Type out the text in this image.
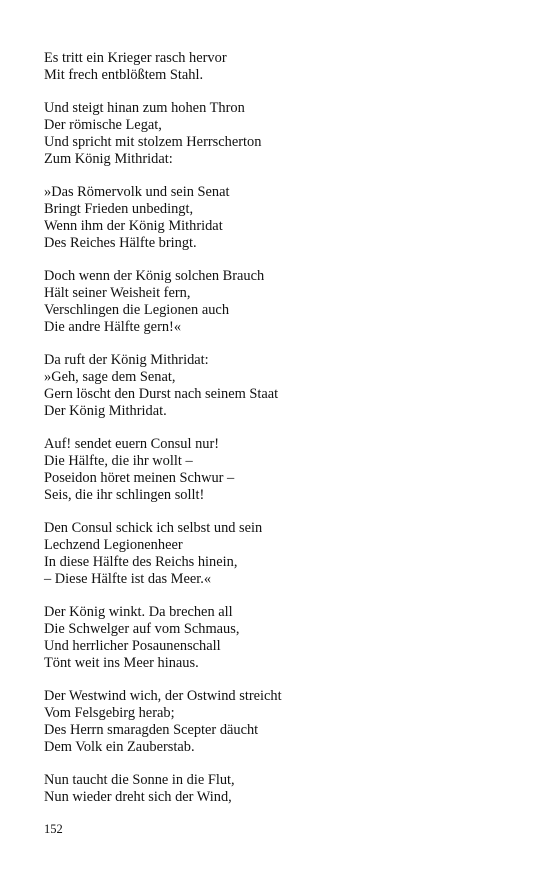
Es tritt ein Krieger rasch hervor
Mit frech entblößtem Stahl.
Und steigt hinan zum hohen Thron
Der römische Legat,
Und spricht mit stolzem Herrscherton
Zum König Mithridat:
»Das Römervolk und sein Senat
Bringt Frieden unbedingt,
Wenn ihm der König Mithridat
Des Reiches Hälfte bringt.
Doch wenn der König solchen Brauch
Hält seiner Weisheit fern,
Verschlingen die Legionen auch
Die andre Hälfte gern!«
Da ruft der König Mithridat:
»Geh, sage dem Senat,
Gern löscht den Durst nach seinem Staat
Der König Mithridat.
Auf! sendet euern Consul nur!
Die Hälfte, die ihr wollt –
Poseidon höret meinen Schwur –
Seis, die ihr schlingen sollt!
Den Consul schick ich selbst und sein
Lechzend Legionenheer
In diese Hälfte des Reichs hinein,
– Diese Hälfte ist das Meer.«
Der König winkt. Da brechen all
Die Schwelger auf vom Schmaus,
Und herrlicher Posaunenschall
Tönt weit ins Meer hinaus.
Der Westwind wich, der Ostwind streicht
Vom Felsgebirg herab;
Des Herrn smaragden Scepter däucht
Dem Volk ein Zauberstab.
Nun taucht die Sonne in die Flut,
Nun wieder dreht sich der Wind,
152
